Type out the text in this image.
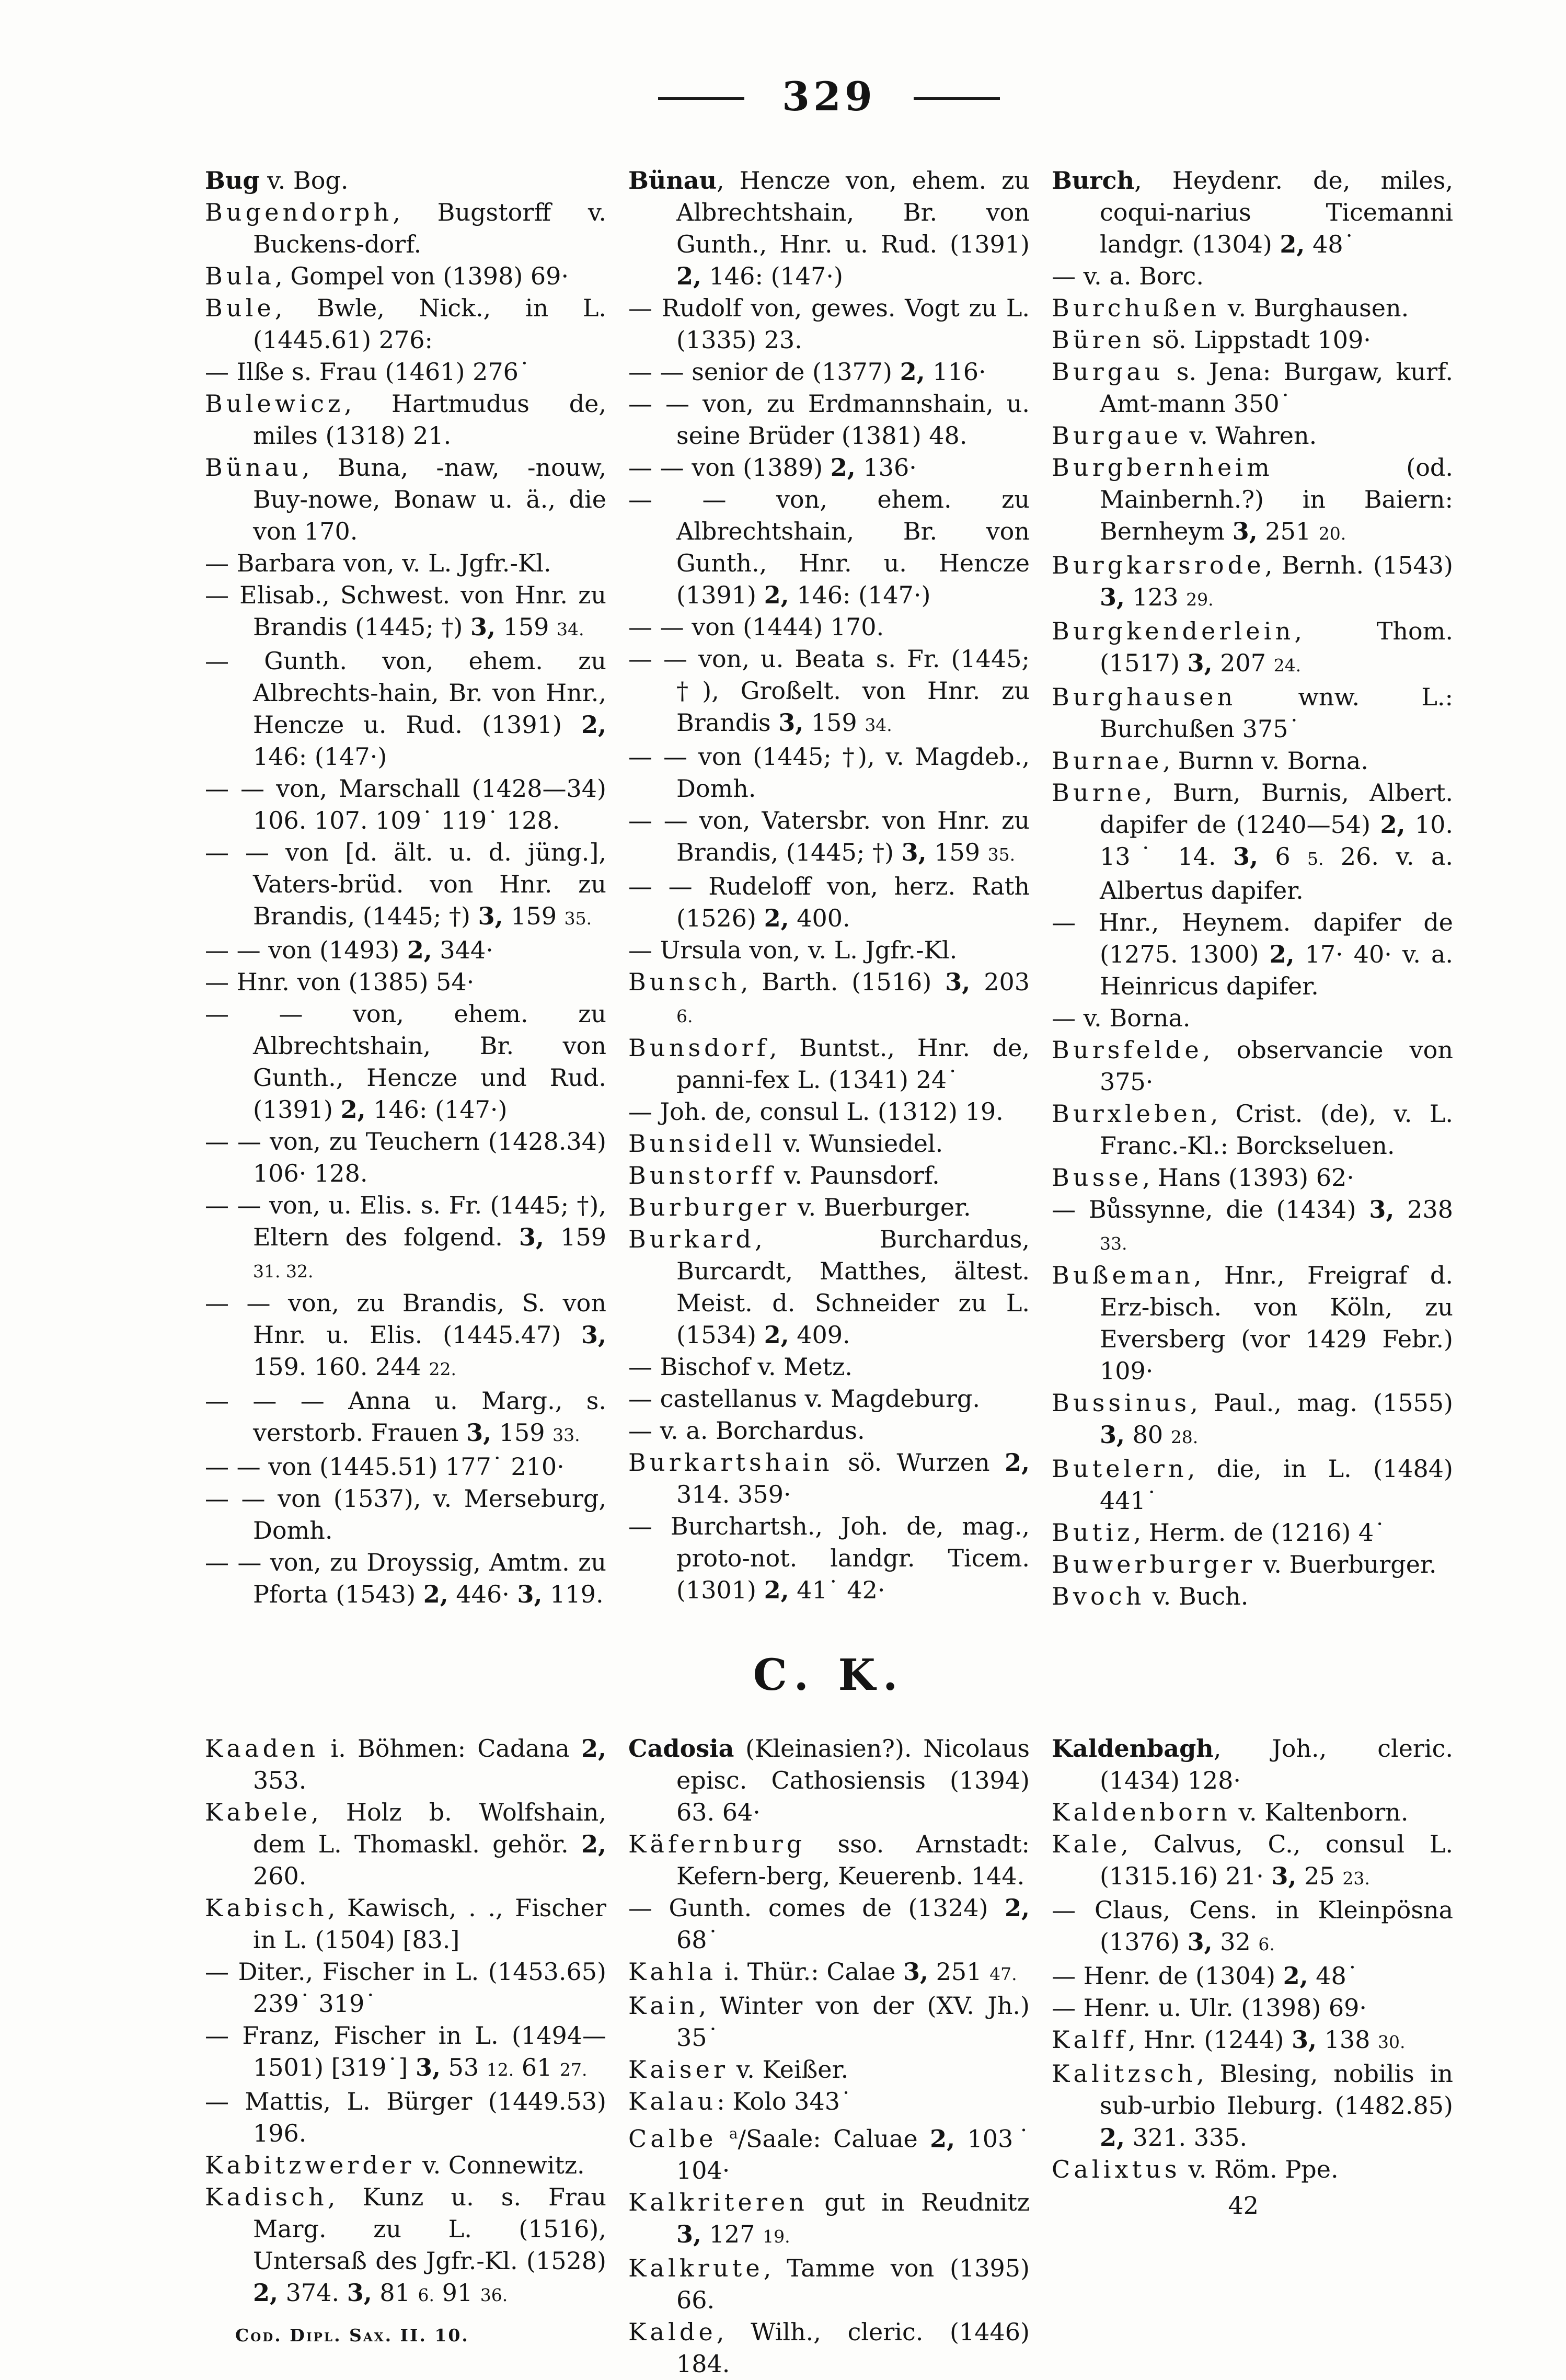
329
Bug v. Bog.
Bugendorph, Bugstorff v. Buckens-dorf.
Bula, Gompel von (1398) 69·
Bule, Bwle, Nick., in L. (1445.61) 276:
— Ilße s. Frau (1461) 276˙
Bulewicz, Hartmudus de, miles (1318) 21.
Bünau, Buna, -naw, -nouw, Buy-nowe, Bonaw u. ä., die von 170.
— Barbara von, v. L. Jgfr.-Kl.
— Elisab., Schwest. von Hnr. zu Brandis (1445; †) 3, 159 34.
— Gunth. von, ehem. zu Albrechts-hain, Br. von Hnr., Hencze u. Rud. (1391) 2, 146: (147·)
— — von, Marschall (1428—34) 106. 107. 109˙ 119˙ 128.
— — von [d. ält. u. d. jüng.], Vaters-brüd. von Hnr. zu Brandis, (1445; †) 3, 159 35.
— — von (1493) 2, 344·
— Hnr. von (1385) 54·
— — von, ehem. zu Albrechtshain, Br. von Gunth., Hencze und Rud. (1391) 2, 146: (147·)
— — von, zu Teuchern (1428.34) 106· 128.
— — von, u. Elis. s. Fr. (1445; †), Eltern des folgend. 3, 159 31. 32.
— — von, zu Brandis, S. von Hnr. u. Elis. (1445.47) 3, 159. 160. 244 22.
— — — Anna u. Marg., s. verstorb. Frauen 3, 159 33.
— — von (1445.51) 177˙ 210·
— — von (1537), v. Merseburg, Domh.
— — von, zu Droyssig, Amtm. zu Pforta (1543) 2, 446· 3, 119.
Bünau, Hencze von, ehem. zu Albrechtshain, Br. von Gunth., Hnr. u. Rud. (1391) 2, 146: (147·)
— Rudolf von, gewes. Vogt zu L. (1335) 23.
— — senior de (1377) 2, 116·
— — von, zu Erdmannshain, u. seine Brüder (1381) 48.
— — von (1389) 2, 136·
— — von, ehem. zu Albrechtshain, Br. von Gunth., Hnr. u. Hencze (1391) 2, 146: (147·)
— — von (1444) 170.
— — von, u. Beata s. Fr. (1445; †), Großelt. von Hnr. zu Brandis 3, 159 34.
— — von (1445; †), v. Magdeb., Domh.
— — von, Vatersbr. von Hnr. zu Brandis, (1445; †) 3, 159 35.
— — Rudeloff von, herz. Rath (1526) 2, 400.
— Ursula von, v. L. Jgfr.-Kl.
Bunsch, Barth. (1516) 3, 203 6.
Bunsdorf, Buntst., Hnr. de, panni-fex L. (1341) 24˙
— Joh. de, consul L. (1312) 19.
Bunsidell v. Wunsiedel.
Bunstorff v. Paunsdorf.
Burburger v. Buerburger.
Burkard, Burchardus, Burcardt, Matthes, ältest. Meist. d. Schneider zu L. (1534) 2, 409.
— Bischof v. Metz.
— castellanus v. Magdeburg.
— v. a. Borchardus.
Burkartshain sö. Wurzen 2, 314. 359·
— Burchartsh., Joh. de, mag., proto-not. landgr. Ticem. (1301) 2, 41˙ 42·
Burch, Heydenr. de, miles, coqui-narius Ticemanni landgr. (1304) 2, 48˙
— v. a. Borc.
Burchußen v. Burghausen.
Büren sö. Lippstadt 109·
Burgau s. Jena: Burgaw, kurf. Amt-mann 350˙
Burgaue v. Wahren.
Burgbernheim (od. Mainbernh.?) in Baiern: Bernheym 3, 251 20.
Burgkarsrode, Bernh. (1543) 3, 123 29.
Burgkenderlein, Thom. (1517) 3, 207 24.
Burghausen wnw. L.: Burchußen 375˙
Burnae, Burnn v. Borna.
Burne, Burn, Burnis, Albert. dapifer de (1240—54) 2, 10. 13˙ 14. 3, 6 5. 26. v. a. Albertus dapifer.
— Hnr., Heynem. dapifer de (1275. 1300) 2, 17· 40· v. a. Heinricus dapifer.
— v. Borna.
Bursfelde, observancie von 375·
Burxleben, Crist. (de), v. L. Franc.-Kl.: Borckseluen.
Busse, Hans (1393) 62·
— Bůssynne, die (1434) 3, 238 33.
Bußeman, Hnr., Freigraf d. Erz-bisch. von Köln, zu Eversberg (vor 1429 Febr.) 109·
Bussinus, Paul., mag. (1555) 3, 80 28.
Butelern, die, in L. (1484) 441˙
Butiz, Herm. de (1216) 4˙
Buwerburger v. Buerburger.
Bvoch v. Buch.
C. K.
Kaaden i. Böhmen: Cadana 2, 353.
Kabele, Holz b. Wolfshain, dem L. Thomaskl. gehör. 2, 260.
Kabisch, Kawisch, . ., Fischer in L. (1504) [83.]
— Diter., Fischer in L. (1453.65) 239˙ 319˙
— Franz, Fischer in L. (1494—1501) [319˙] 3, 53 12. 61 27.
— Mattis, L. Bürger (1449.53) 196.
Kabitzwerder v. Connewitz.
Kadisch, Kunz u. s. Frau Marg. zu L. (1516), Untersaß des Jgfr.-Kl. (1528) 2, 374. 3, 81 6. 91 36.
Cod. Dipl. Sax. II. 10.
Cadosia (Kleinasien?). Nicolaus episc. Cathosiensis (1394) 63. 64·
Käfernburg sso. Arnstadt: Kefern-berg, Keuerenb. 144.
— Gunth. comes de (1324) 2, 68˙
Kahla i. Thür.: Calae 3, 251 47.
Kain, Winter von der (XV. Jh.) 35˙
Kaiser v. Keißer.
Kalau: Kolo 343˙
Calbe $^a$/Saale: Caluae 2, 103˙ 104·
Kalkriteren gut in Reudnitz 3, 127 19.
Kalkrute, Tamme von (1395) 66.
Kalde, Wilh., cleric. (1446) 184.
Kaldenbagh, Joh., cleric. (1434) 128·
Kaldenborn v. Kaltenborn.
Kale, Calvus, C., consul L. (1315.16) 21· 3, 25 23.
— Claus, Cens. in Kleinpösna (1376) 3, 32 6.
— Henr. de (1304) 2, 48˙
— Henr. u. Ulr. (1398) 69·
Kalff, Hnr. (1244) 3, 138 30.
Kalitzsch, Blesing, nobilis in sub-urbio Ileburg. (1482.85) 2, 321. 335.
Calixtus v. Röm. Ppe.
42
